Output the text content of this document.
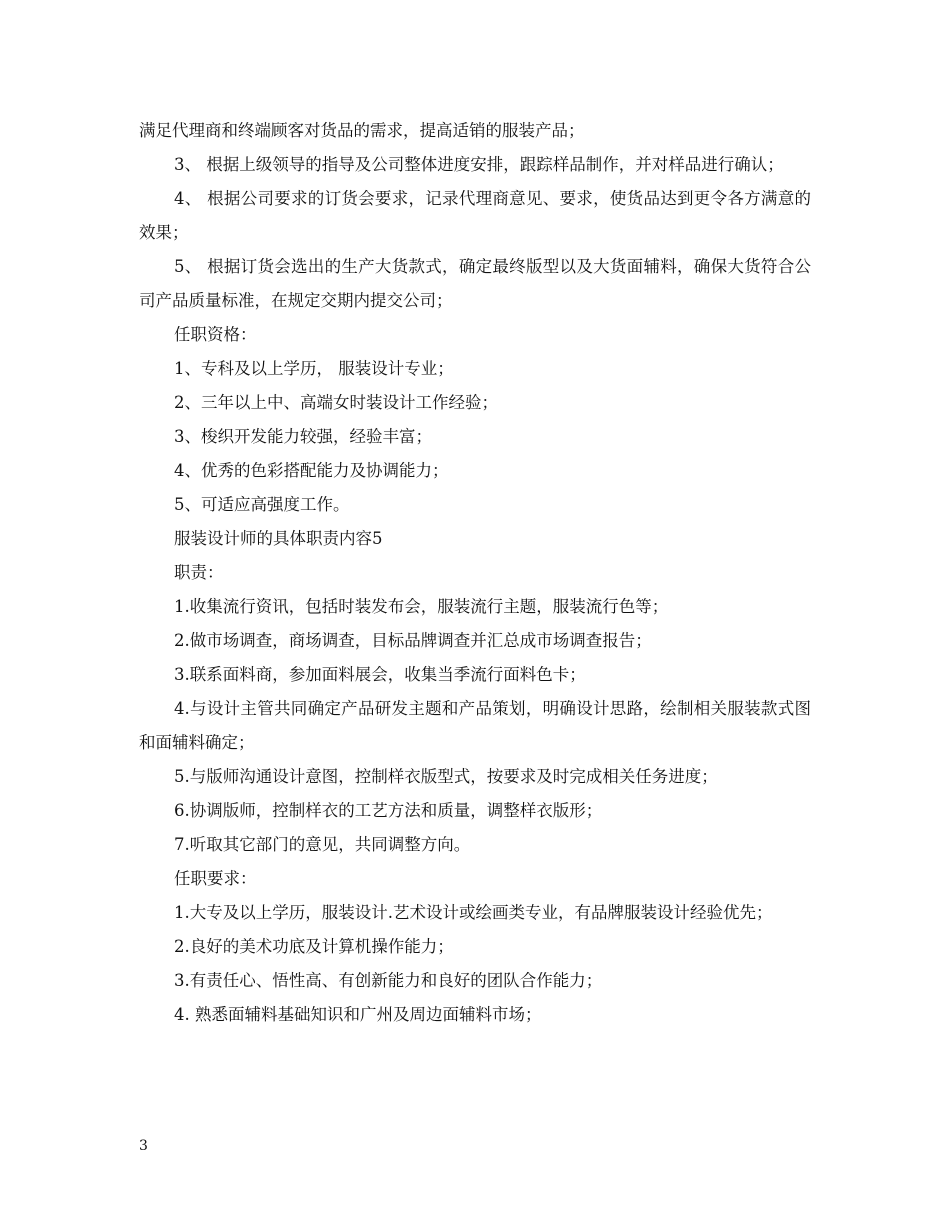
满足代理商和终端顾客对货品的需求，提高适销的服装产品；

3、 根据上级领导的指导及公司整体进度安排，跟踪样品制作，并对样品进行确认；

4、 根据公司要求的订货会要求，记录代理商意见、要求，使货品达到更令各方满意的效果；

5、 根据订货会选出的生产大货款式，确定最终版型以及大货面辅料，确保大货符合公司产品质量标准，在规定交期内提交公司；

任职资格：

1、专科及以上学历， 服装设计专业；

2、三年以上中、高端女时装设计工作经验；

3、梭织开发能力较强，经验丰富；

4、优秀的色彩搭配能力及协调能力；

5、可适应高强度工作。

服装设计师的具体职责内容5

职责：

1.收集流行资讯，包括时装发布会，服装流行主题，服装流行色等；

2.做市场调查，商场调查，目标品牌调查并汇总成市场调查报告；

3.联系面料商，参加面料展会，收集当季流行面料色卡；

4.与设计主管共同确定产品研发主题和产品策划，明确设计思路，绘制相关服装款式图和面辅料确定；

5.与版师沟通设计意图，控制样衣版型式，按要求及时完成相关任务进度；

6.协调版师，控制样衣的工艺方法和质量，调整样衣版形；

7.听取其它部门的意见，共同调整方向。

任职要求：

1.大专及以上学历，服装设计.艺术设计或绘画类专业，有品牌服装设计经验优先；

2.良好的美术功底及计算机操作能力；

3.有责任心、悟性高、有创新能力和良好的团队合作能力；

4. 熟悉面辅料基础知识和广州及周边面辅料市场；

3
